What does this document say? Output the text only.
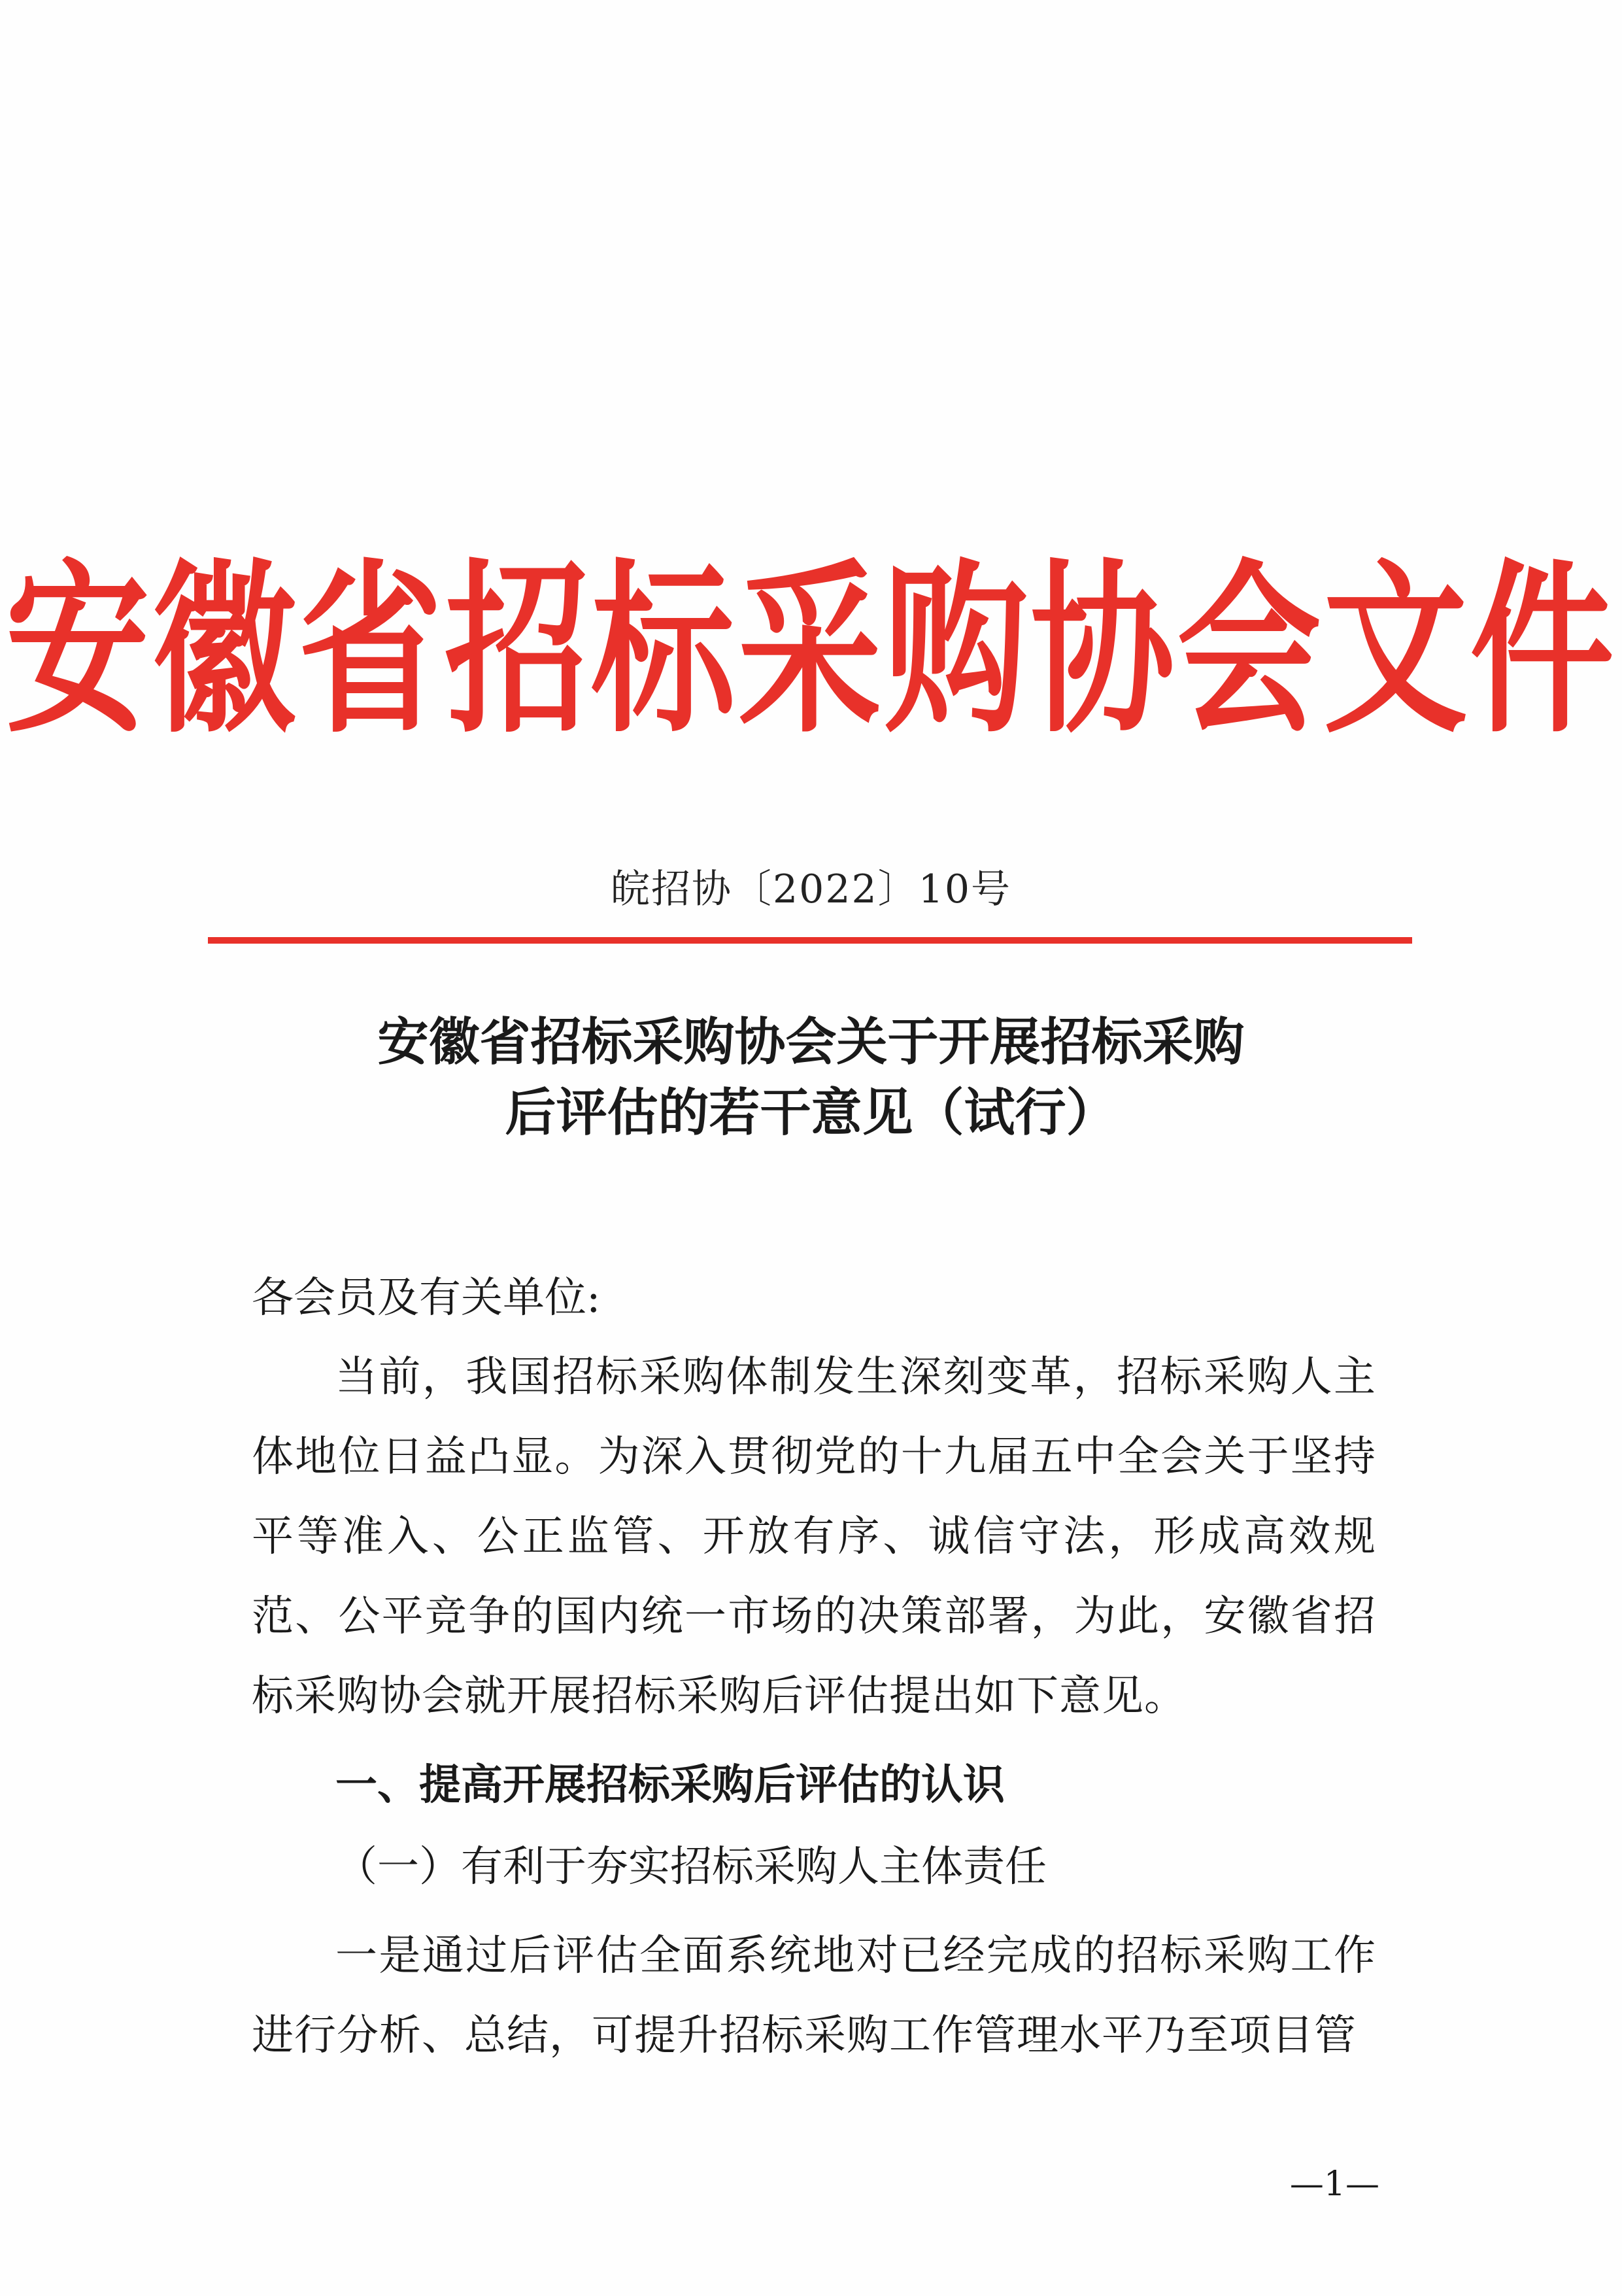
安徽省招标采购协会文件
皖招协〔2022〕10号
安徽省招标采购协会关于开展招标采购
后评估的若干意见（试行）
各会员及有关单位:
当前，我国招标采购体制发生深刻变革，招标采购人主体地位日益凸显。为深入贯彻党的十九届五中全会关于坚持平等准入、公正监管、开放有序、诚信守法，形成高效规范、公平竞争的国内统一市场的决策部署，为此，安徽省招标采购协会就开展招标采购后评估提出如下意见。
一、提高开展招标采购后评估的认识
（一）有利于夯实招标采购人主体责任
一是通过后评估全面系统地对已经完成的招标采购工作进行分析、总结，可提升招标采购工作管理水平乃至项目管
—1—
